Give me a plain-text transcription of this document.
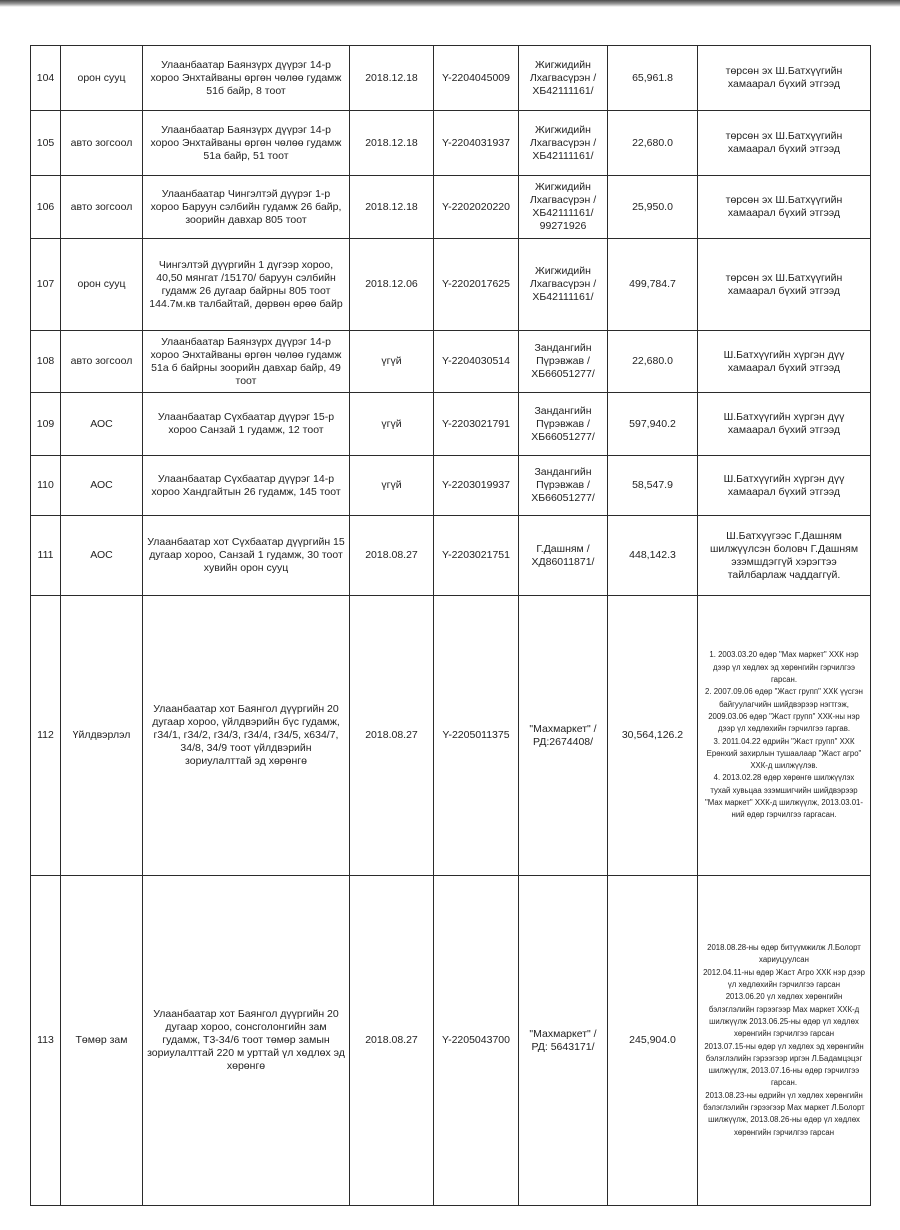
104	орон сууц	Улаанбаатар Баянзүрх дүүрэг 14-р хороо Энхтайваны өргөн чөлөө гудамж 51б байр, 8 тоот	2018.12.18	Y-2204045009	Жигжидийн Лхагвасүрэн /ХБ42111161/	65,961.8	төрсөн эх Ш.Батхүүгийн хамаарал бүхий этгээд

105	авто зогсоол	Улаанбаатар Баянзүрх дүүрэг 14-р хороо Энхтайваны өргөн чөлөө гудамж 51а байр, 51 тоот	2018.12.18	Y-2204031937	Жигжидийн Лхагвасүрэн /ХБ42111161/	22,680.0	төрсөн эх Ш.Батхүүгийн хамаарал бүхий этгээд

106	авто зогсоол	Улаанбаатар Чингэлтэй дүүрэг 1-р хороо Баруун сэлбийн гудамж 26 байр, зоорийн давхар 805 тоот	2018.12.18	Y-2202020220	Жигжидийн Лхагвасүрэн /ХБ42111161/ 99271926	25,950.0	төрсөн эх Ш.Батхүүгийн хамаарал бүхий этгээд

107	орон сууц	Чингэлтэй дүүргийн 1 дүгээр хороо, 40,50 мянгат /15170/ баруун сэлбийн гудамж 26 дугаар байрны 805 тоот 144.7м.кв талбайтай, дөрвөн өрөө байр	2018.12.06	Y-2202017625	Жигжидийн Лхагвасүрэн /ХБ42111161/	499,784.7	төрсөн эх Ш.Батхүүгийн хамаарал бүхий этгээд

108	авто зогсоол	Улаанбаатар Баянзүрх дүүрэг 14-р хороо Энхтайваны өргөн чөлөө гудамж 51а б байрны зоорийн давхар байр, 49 тоот	үгүй	Y-2204030514	Зандангийн Пүрэвжав /ХБ66051277/	22,680.0	Ш.Батхүүгийн хүргэн дүү хамаарал бүхий этгээд

109	АОС	Улаанбаатар Сүхбаатар дүүрэг 15-р хороо Санзай 1 гудамж, 12 тоот	үгүй	Y-2203021791	Зандангийн Пүрэвжав /ХБ66051277/	597,940.2	Ш.Батхүүгийн хүргэн дүү хамаарал бүхий этгээд

110	АОС	Улаанбаатар Сүхбаатар дүүрэг 14-р хороо Хандгайтын 26 гудамж, 145 тоот	үгүй	Y-2203019937	Зандангийн Пүрэвжав /ХБ66051277/	58,547.9	Ш.Батхүүгийн хүргэн дүү хамаарал бүхий этгээд

111	АОС	Улаанбаатар хот Сүхбаатар дүүргийн 15 дугаар хороо, Санзай 1 гудамж, 30 тоот хувийн орон сууц	2018.08.27	Y-2203021751	Г.Дашням /ХД86011871/	448,142.3	Ш.Батхүүгээс Г.Дашням шилжүүлсэн боловч Г.Дашням эзэмшдэггүй хэрэгтээ тайлбарлаж чаддаггүй.

112	Үйлдвэрлэл	Улаанбаатар хот Баянгол дүүргийн 20 дугаар хороо, үйлдвэрийн бүс гудамж, г34/1, г34/2, г34/3, г34/4, г34/5, х634/7, 34/8, 34/9 тоот үйлдвэрийн зориулалттай эд хөрөнгө	2018.08.27	Y-2205011375	"Махмаркет" /РД:2674408/	30,564,126.2	1. 2003.03.20 өдөр "Мах маркет" ХХК нэр дээр үл хөдлөх эд хөрөнгийн гэрчилгээ гарсан.
2. 2007.09.06 өдөр "Жаст групп" ХХК үүсгэн байгуулагчийн шийдвэрээр нэгтгэж, 2009.03.06 өдөр "Жаст групп" ХХК-ны нэр дээр үл хөдлөхийн гэрчилгээ гаргав.
3. 2011.04.22 өдрийн "Жаст групп" ХХК Ерөнхий захирлын тушаалаар "Жаст агро" ХХК-д шилжүүлэв.
4. 2013.02.28 өдөр хөрөнгө шилжүүлэх тухай хувьцаа эзэмшигчийн шийдвэрээр "Мах маркет" ХХК-д шилжүүлж, 2013.03.01-ний өдөр гэрчилгээ гаргасан.

113	Төмөр зам	Улаанбаатар хот Баянгол дүүргийн 20 дугаар хороо, сонсголонгийн зам гудамж, Т3-34/6 тоот төмөр замын зориулалттай 220 м урттай үл хөдлөх эд хөрөнгө	2018.08.27	Y-2205043700	"Махмаркет" /РД: 5643171/	245,904.0	2018.08.28-ны өдөр битүүмжилж Л.Болорт хариуцуулсан
2012.04.11-ны өдөр Жаст Агро ХХК нэр дээр үл хөдлөхийн гэрчилгээ гарсан
2013.06.20 үл хөдлөх хөрөнгийн бэлэглэлийн гэрээгээр Мах маркет ХХК-д шилжүүлж 2013.06.25-ны өдөр үл хөдлөх хөрөнгийн гэрчилгээ гарсан
2013.07.15-ны өдөр үл хөдлөх эд хөрөнгийн бэлэглэлийн гэрээгээр иргэн Л.Бадамцэцэг шилжүүлж, 2013.07.16-ны өдөр гэрчилгээ гарсан.
2013.08.23-ны өдрийн үл хөдлөх хөрөнгийн бэлэглэлийн гэрээгээр Мах маркет Л.Болорт шилжүүлж, 2013.08.26-ны өдөр үл хөдлөх хөрөнгийн гэрчилгээ гарсан
